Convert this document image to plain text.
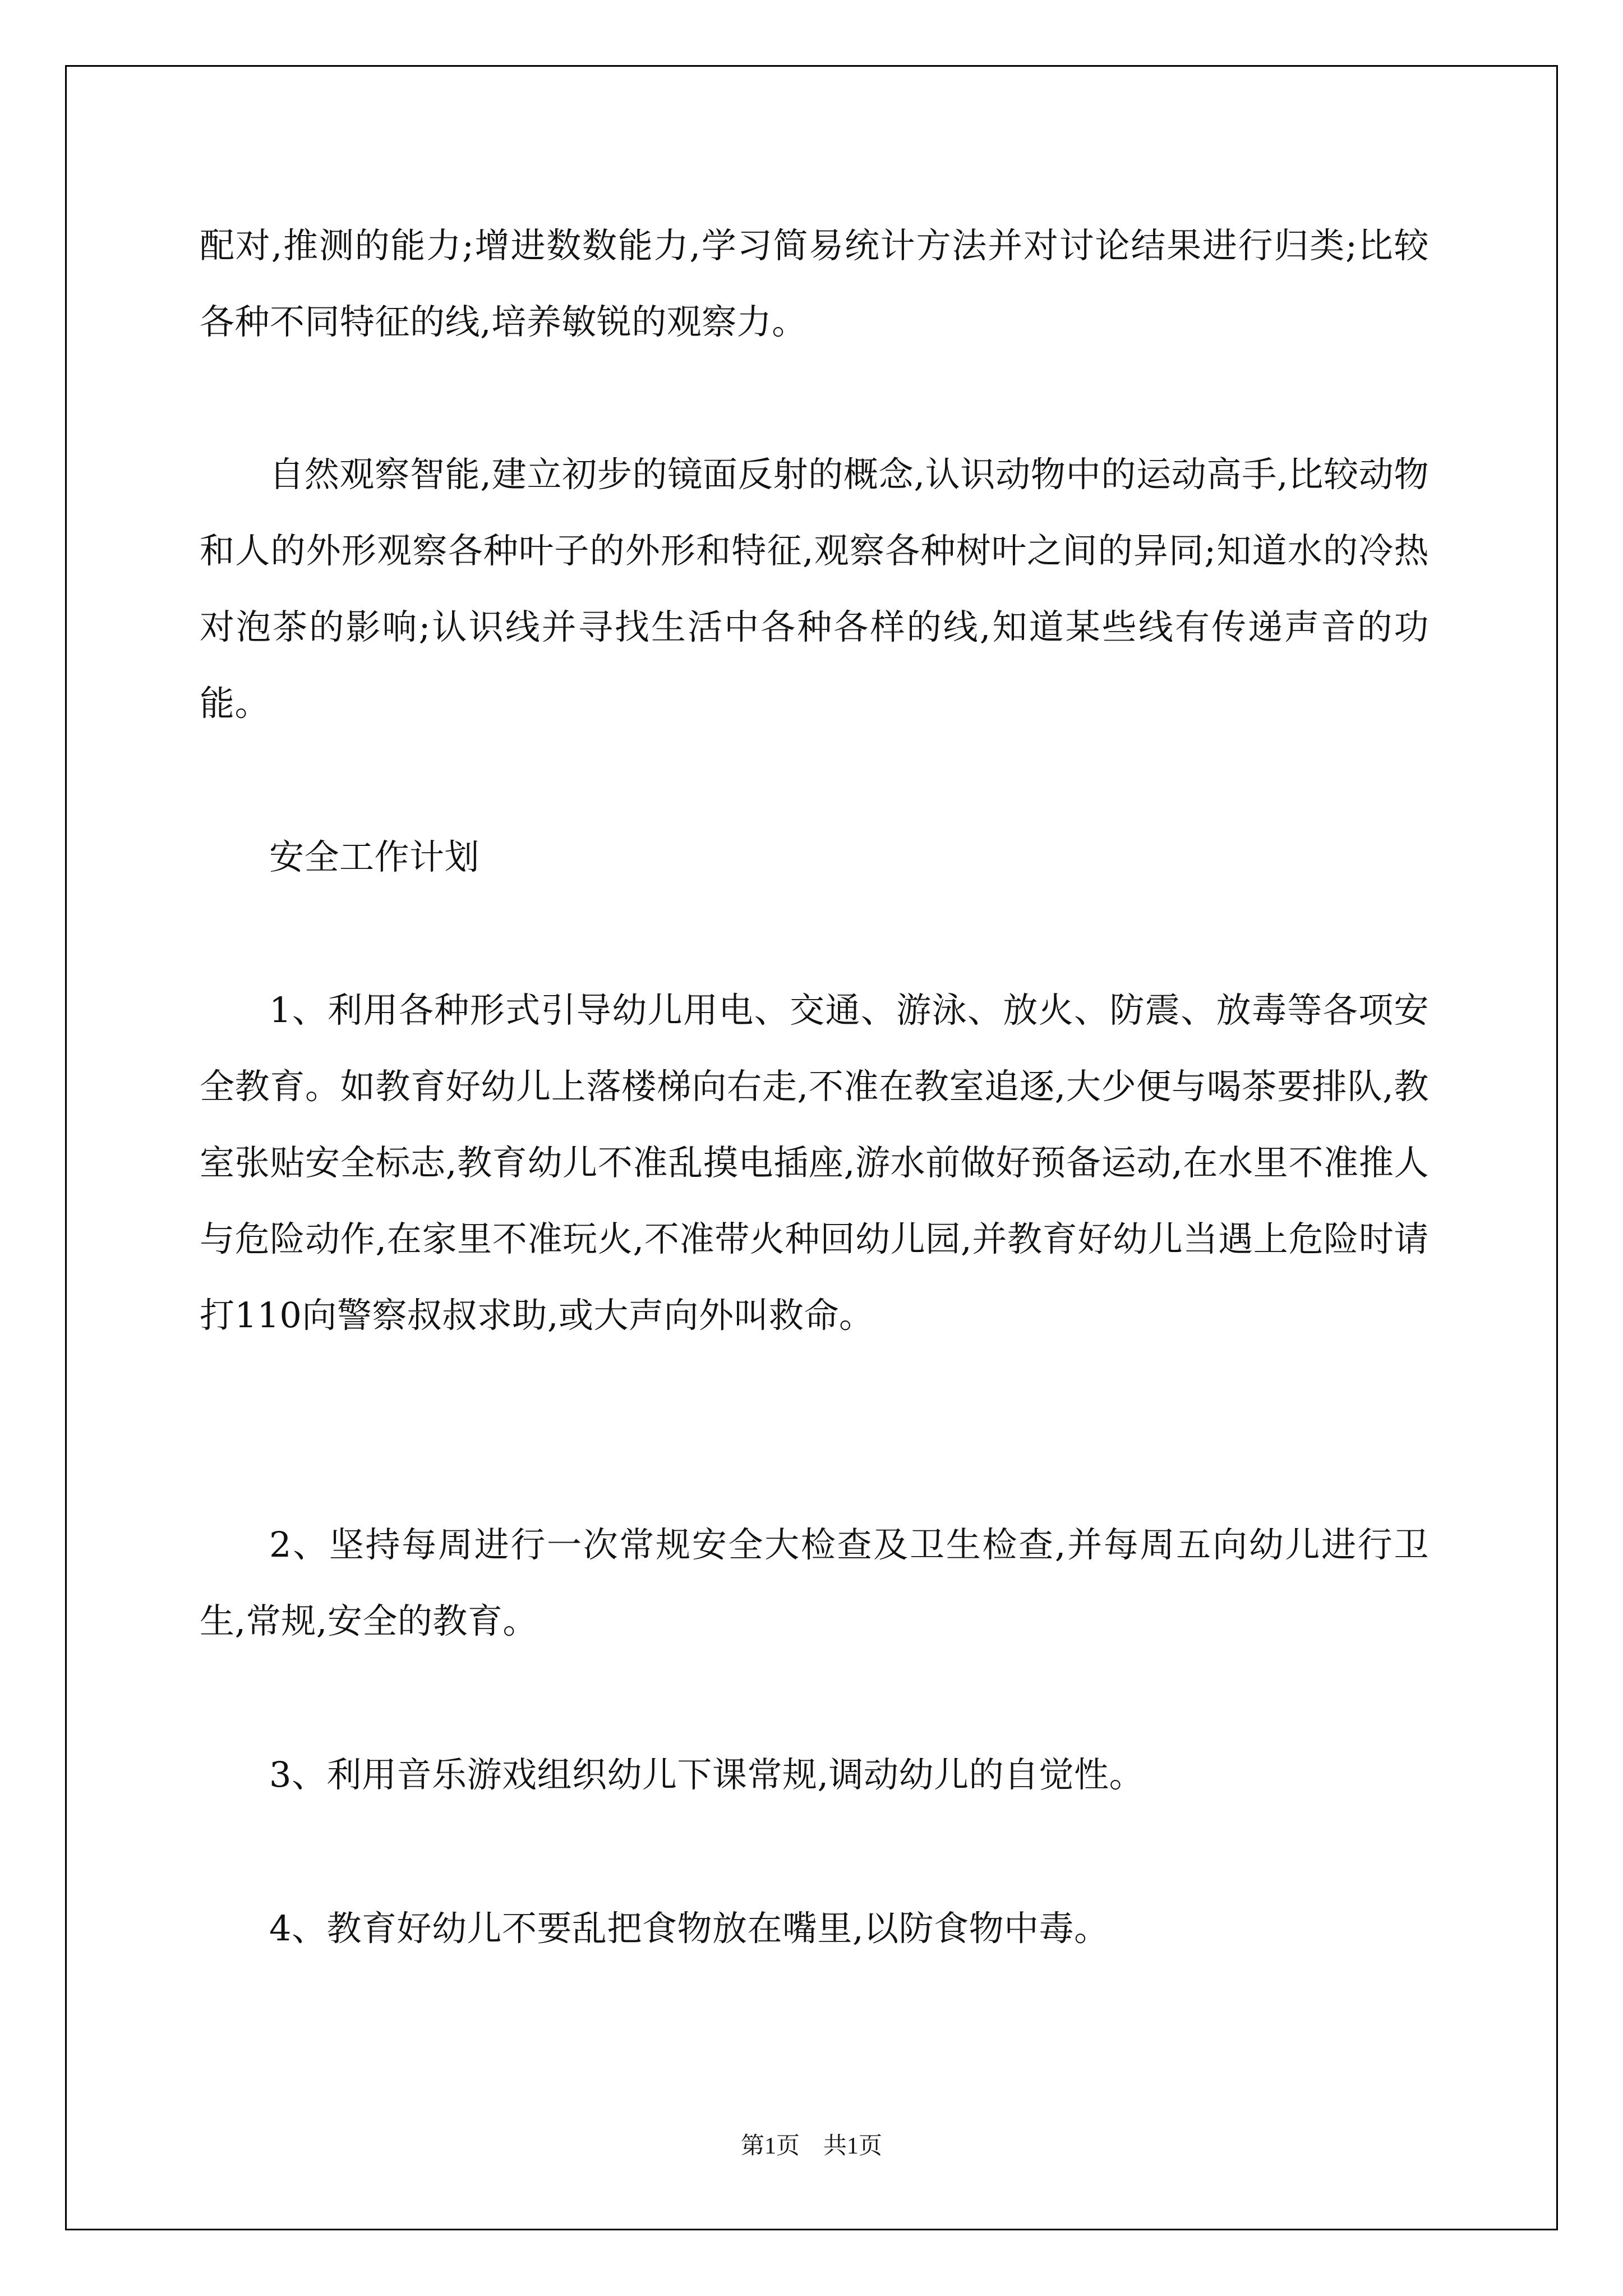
配对,推测的能力;增进数数能力,学习简易统计方法并对讨论结果进行归类;比较各种不同特征的线,培养敏锐的观察力。

自然观察智能,建立初步的镜面反射的概念,认识动物中的运动高手,比较动物和人的外形观察各种叶子的外形和特征,观察各种树叶之间的异同;知道水的冷热对泡茶的影响;认识线并寻找生活中各种各样的线,知道某些线有传递声音的功能。

安全工作计划

1、利用各种形式引导幼儿用电、交通、游泳、放火、防震、放毒等各项安全教育。如教育好幼儿上落楼梯向右走,不准在教室追逐,大少便与喝茶要排队,教室张贴安全标志,教育幼儿不准乱摸电插座,游水前做好预备运动,在水里不准推人与危险动作,在家里不准玩火,不准带火种回幼儿园,并教育好幼儿当遇上危险时请打110向警察叔叔求助,或大声向外叫救命。

2、坚持每周进行一次常规安全大检查及卫生检查,并每周五向幼儿进行卫生,常规,安全的教育。

3、利用音乐游戏组织幼儿下课常规,调动幼儿的自觉性。

4、教育好幼儿不要乱把食物放在嘴里,以防食物中毒。

第1页 共1页
